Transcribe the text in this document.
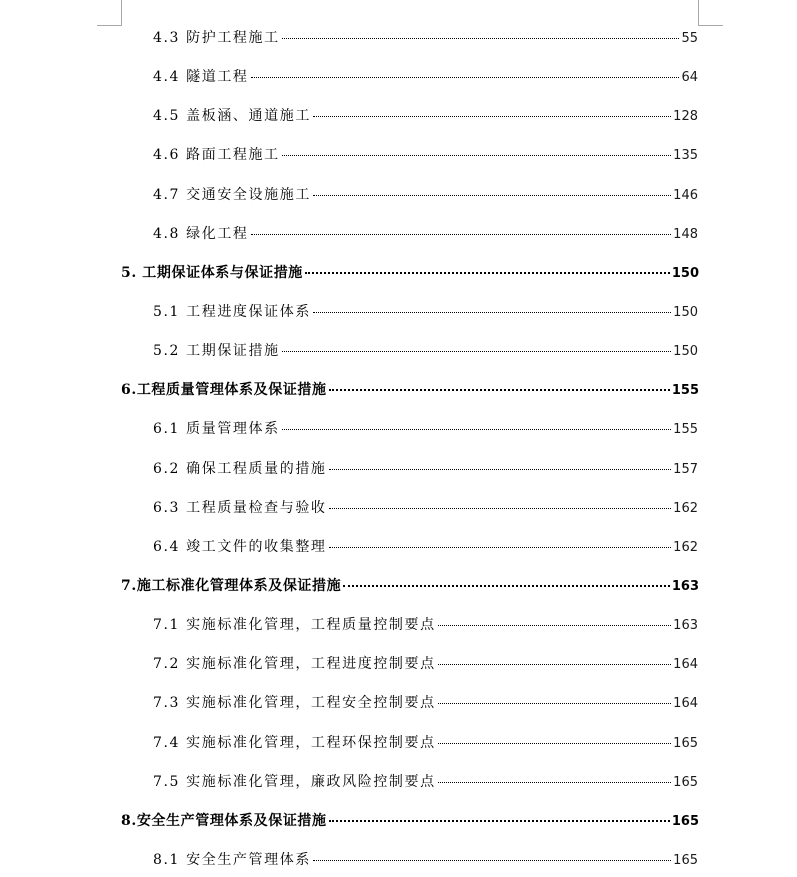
4.3 防护工程施工	55
4.4 隧道工程	64
4.5 盖板涵、通道施工	128
4.6 路面工程施工	135
4.7 交通安全设施施工	146
4.8 绿化工程	148
5. 工期保证体系与保证措施	150
5.1 工程进度保证体系	150
5.2 工期保证措施	150
6.工程质量管理体系及保证措施	155
6.1 质量管理体系	155
6.2 确保工程质量的措施	157
6.3 工程质量检查与验收	162
6.4 竣工文件的收集整理	162
7.施工标准化管理体系及保证措施	163
7.1 实施标准化管理，工程质量控制要点	163
7.2 实施标准化管理，工程进度控制要点	164
7.3 实施标准化管理，工程安全控制要点	164
7.4 实施标准化管理，工程环保控制要点	165
7.5 实施标准化管理，廉政风险控制要点	165
8.安全生产管理体系及保证措施	165
8.1 安全生产管理体系	165
